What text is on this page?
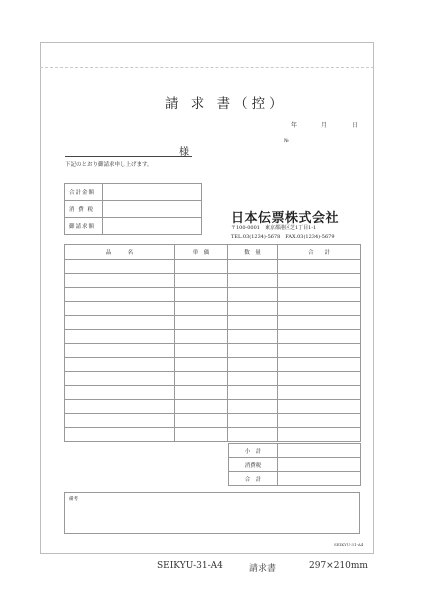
請 求 書（控）
年	月	日
№
様
下記のとおり御請求申し上げます。
合計金額	
消 費 税	
御請求額	
日本伝票株式会社
〒100-0001　東京都港区芝1丁目1-1
TEL.03(1234)-5678　FAX.03(1234)-5679
品　　　名	単　価	数　量	合　　計

小　計	
消費税	
合　計	
備考
SEIKYU-31-A4
SEIKYU-31-A4	請求書	297×210mm
